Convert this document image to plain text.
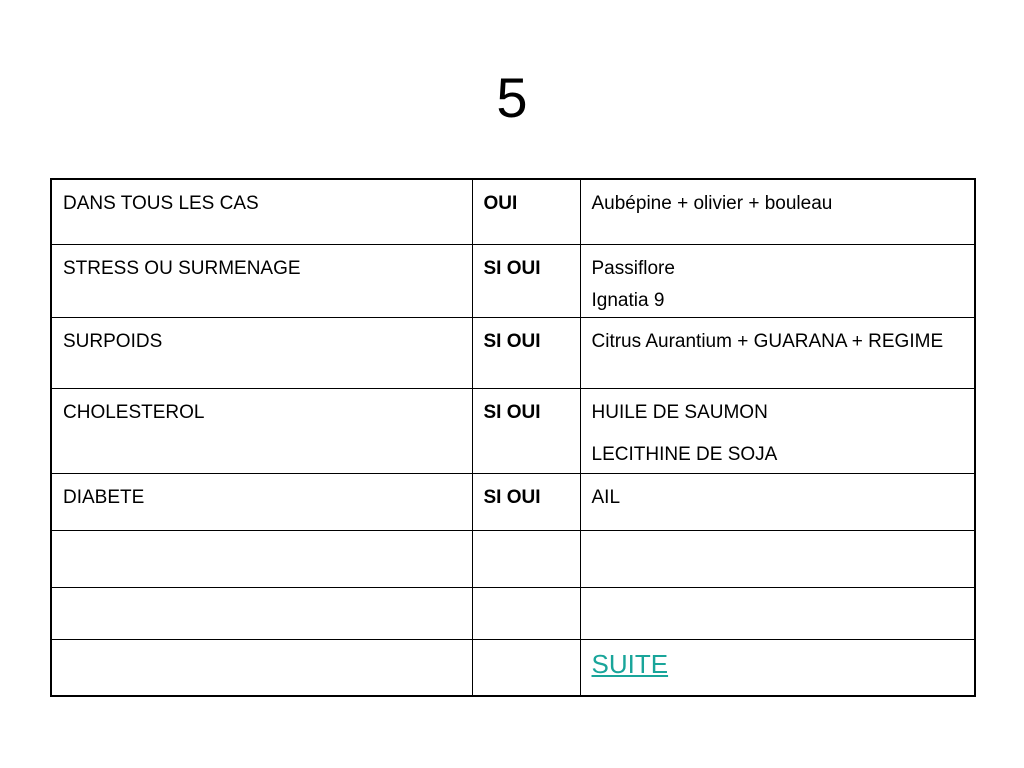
5
DANS TOUS LES CAS	OUI	Aubépine + olivier + bouleau

STRESS OU SURMENAGE	SI OUI	Passiflore
Ignatia 9

SURPOIDS	SI OUI	Citrus Aurantium + GUARANA + REGIME
CHOLESTEROL	SI OUI	HUILE DE SAUMON
LECITHINE DE SOJA

DIABETE	SI OUI	AIL

		SUITE
